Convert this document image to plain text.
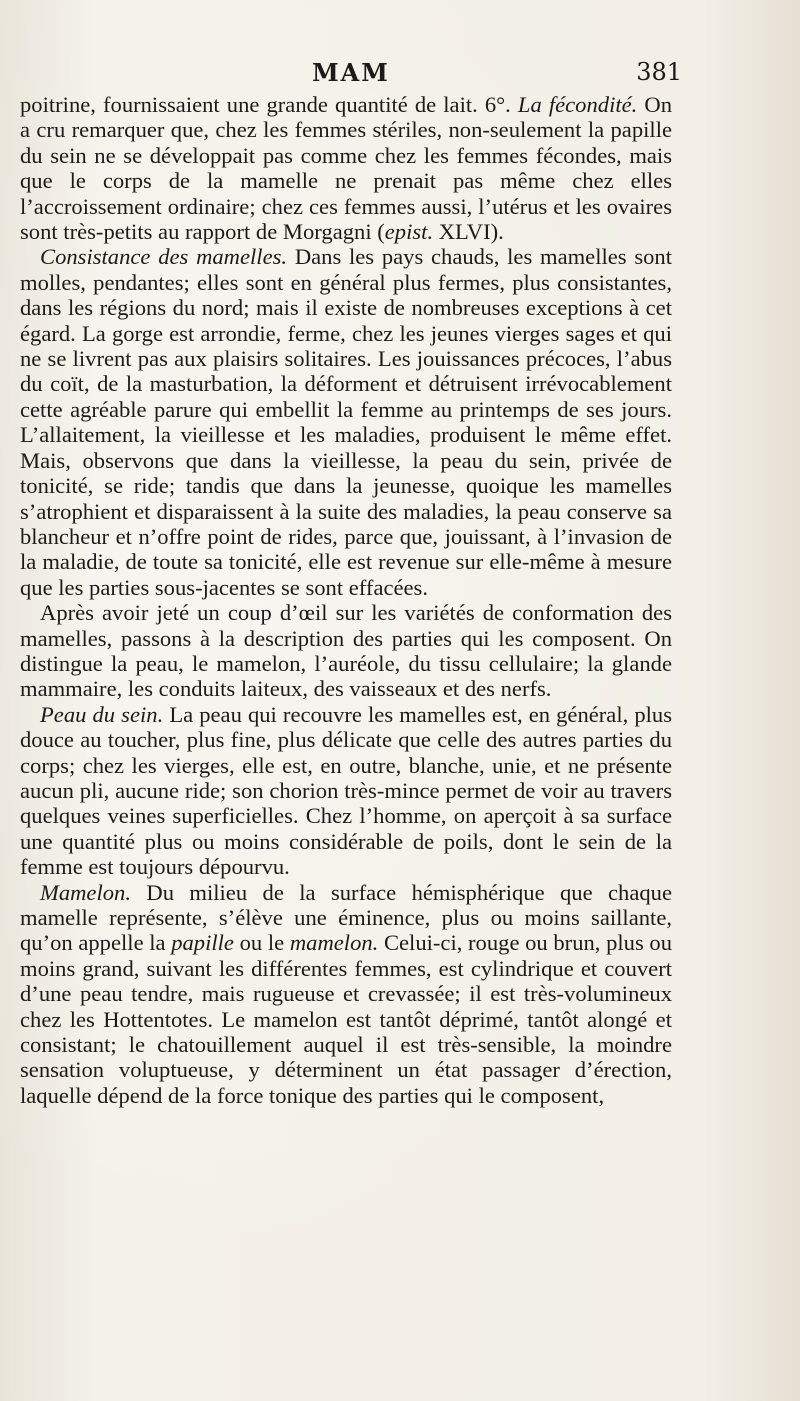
MAM	381

poitrine, fournissaient une grande quantité de lait. 6°. La fécondité. On a cru remarquer que, chez les femmes stériles, non-seulement la papille du sein ne se développait pas comme chez les femmes fécondes, mais que le corps de la mamelle ne prenait pas même chez elles l’accroissement ordinaire; chez ces femmes aussi, l’utérus et les ovaires sont très-petits au rapport de Morgagni (epist. XLVI).

Consistance des mamelles. Dans les pays chauds, les mamelles sont molles, pendantes; elles sont en général plus fermes, plus consistantes, dans les régions du nord; mais il existe de nombreuses exceptions à cet égard. La gorge est arrondie, ferme, chez les jeunes vierges sages et qui ne se livrent pas aux plaisirs solitaires. Les jouissances précoces, l’abus du coït, de la masturbation, la déforment et détruisent irrévocablement cette agréable parure qui embellit la femme au printemps de ses jours. L’allaitement, la vieillesse et les maladies, produisent le même effet. Mais, observons que dans la vieillesse, la peau du sein, privée de tonicité, se ride; tandis que dans la jeunesse, quoique les mamelles s’atrophient et disparaissent à la suite des maladies, la peau conserve sa blancheur et n’offre point de rides, parce que, jouissant, à l’invasion de la maladie, de toute sa tonicité, elle est revenue sur elle-même à mesure que les parties sous-jacentes se sont effacées.

Après avoir jeté un coup d’œil sur les variétés de conformation des mamelles, passons à la description des parties qui les composent. On distingue la peau, le mamelon, l’auréole, du tissu cellulaire; la glande mammaire, les conduits laiteux, des vaisseaux et des nerfs.

Peau du sein. La peau qui recouvre les mamelles est, en général, plus douce au toucher, plus fine, plus délicate que celle des autres parties du corps; chez les vierges, elle est, en outre, blanche, unie, et ne présente aucun pli, aucune ride; son chorion très-mince permet de voir au travers quelques veines superficielles. Chez l’homme, on aperçoit à sa surface une quantité plus ou moins considérable de poils, dont le sein de la femme est toujours dépourvu.

Mamelon. Du milieu de la surface hémisphérique que chaque mamelle représente, s’élève une éminence, plus ou moins saillante, qu’on appelle la papille ou le mamelon. Celui-ci, rouge ou brun, plus ou moins grand, suivant les différentes femmes, est cylindrique et couvert d’une peau tendre, mais rugueuse et crevassée; il est très-volumineux chez les Hottentotes. Le mamelon est tantôt déprimé, tantôt alongé et consistant; le chatouillement auquel il est très-sensible, la moindre sensation voluptueuse, y déterminent un état passager d’érection, laquelle dépend de la force tonique des parties qui le composent,
